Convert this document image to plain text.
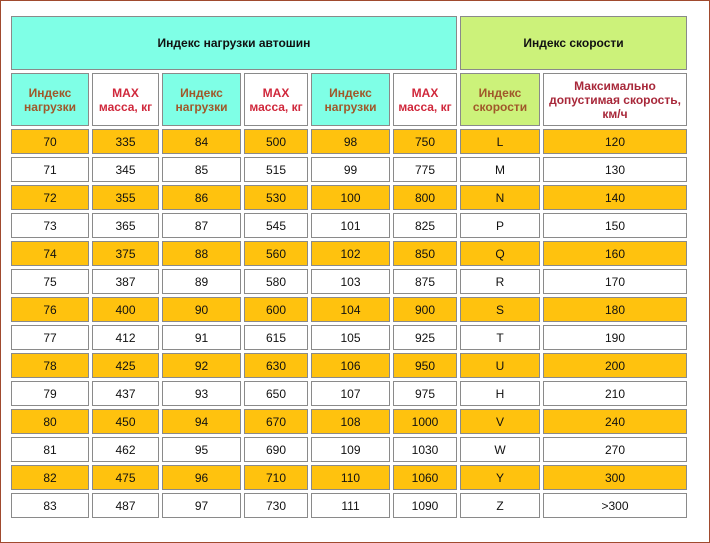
Индекс нагрузки автошин						Индекс скорости	
Индекс нагрузки	MAX масса, кг	Индекс нагрузки	MAX масса, кг	Индекс нагрузки	MAX масса, кг	Индекс скорости	Максимально допустимая скорость, км/ч
70	335	84	500	98	750	L	120
71	345	85	515	99	775	M	130
72	355	86	530	100	800	N	140
73	365	87	545	101	825	P	150
74	375	88	560	102	850	Q	160
75	387	89	580	103	875	R	170
76	400	90	600	104	900	S	180
77	412	91	615	105	925	T	190
78	425	92	630	106	950	U	200
79	437	93	650	107	975	H	210
80	450	94	670	108	1000	V	240
81	462	95	690	109	1030	W	270
82	475	96	710	110	1060	Y	300
83	487	97	730	111	1090	Z	>300
